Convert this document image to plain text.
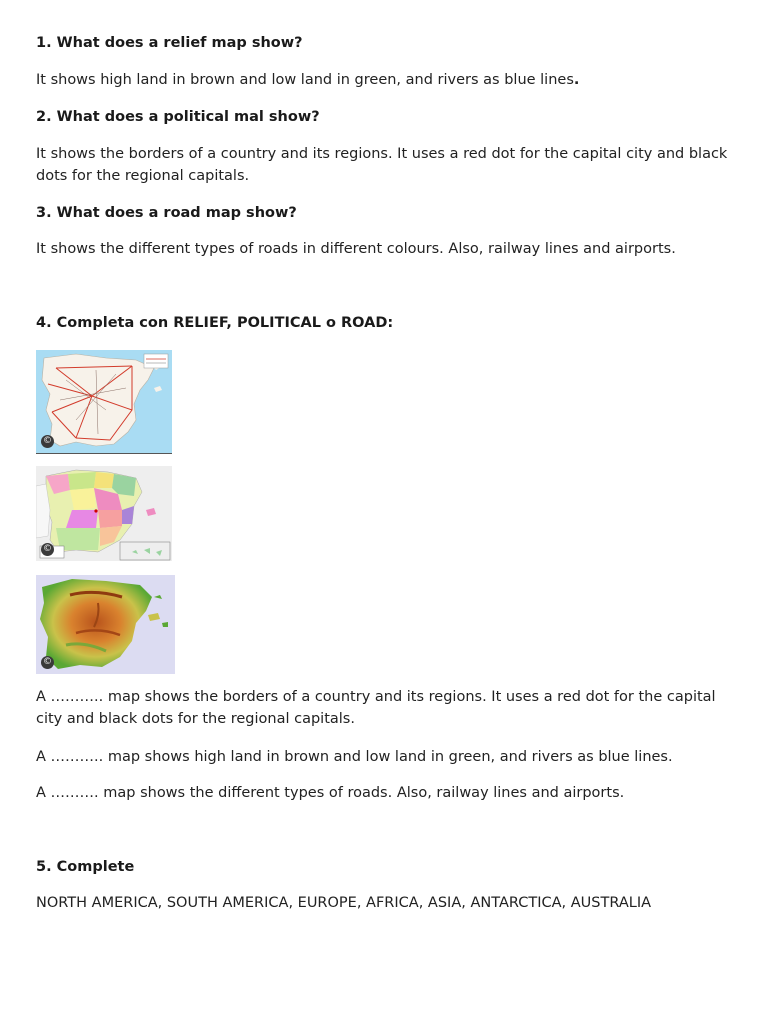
1. What does a relief map show?
It shows high land in brown and low land in green, and rivers as blue lines.
2. What does a political mal show?
It shows the borders of a country and its regions. It uses a red dot for the capital city and black dots for the regional capitals.
3. What does a road map show?
It shows the different types of roads in different colours. Also, railway lines and airports.
4. Completa con RELIEF, POLITICAL o ROAD:
©
©
©
A ……….. map shows the borders of a country and its regions. It uses a red dot for the capital city and black dots for the regional capitals.
A ……….. map shows high land in brown and low land in green, and rivers as blue lines.
A ………. map shows the different types of roads. Also, railway lines and airports.
5. Complete
NORTH AMERICA, SOUTH AMERICA, EUROPE, AFRICA, ASIA, ANTARCTICA, AUSTRALIA
